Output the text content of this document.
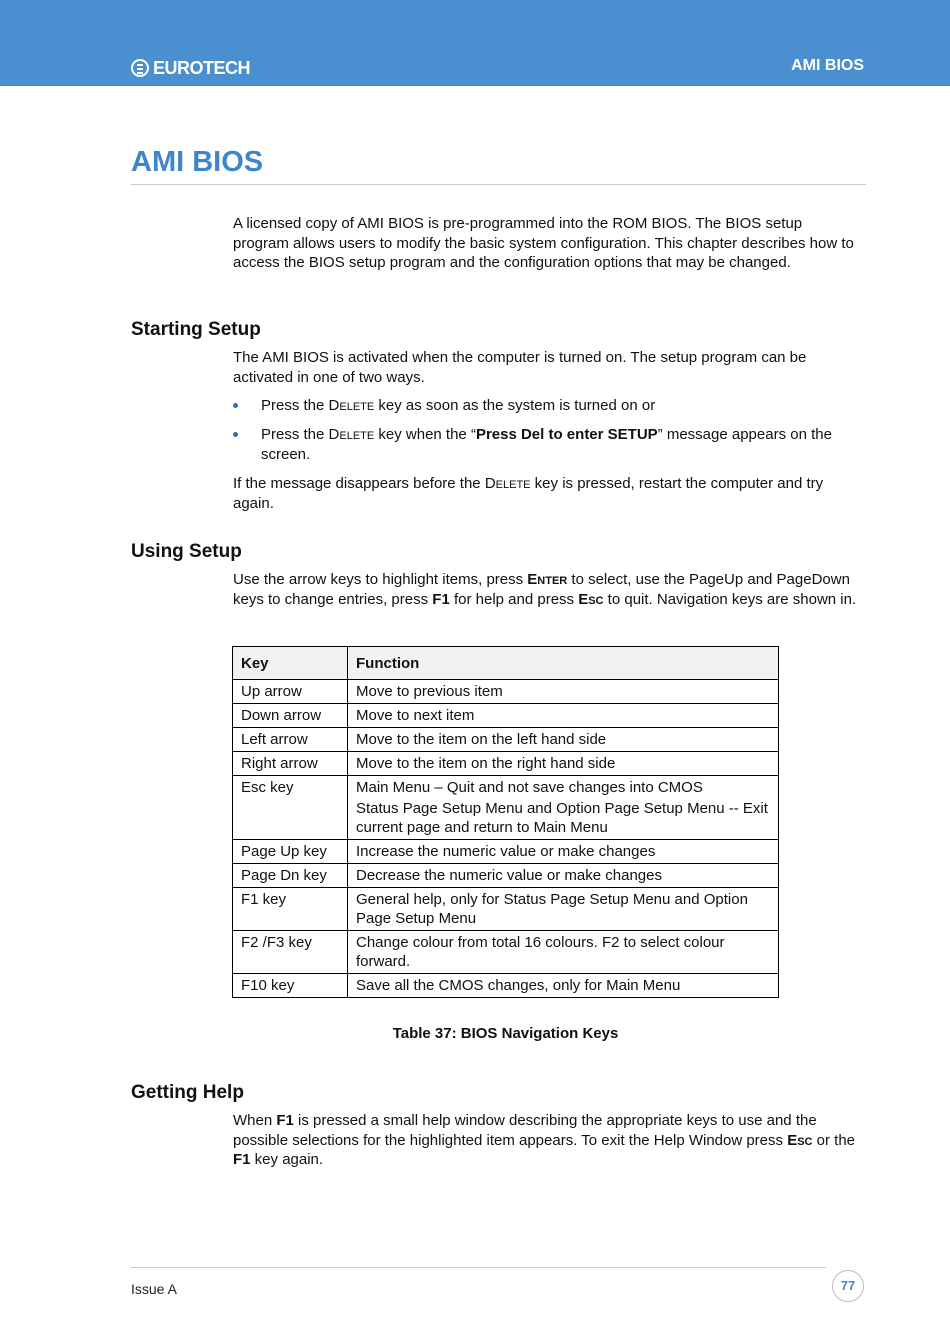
EUROTECH	AMI BIOS
AMI BIOS

A licensed copy of AMI BIOS is pre-programmed into the ROM BIOS. The BIOS setup program allows users to modify the basic system configuration. This chapter describes how to access the BIOS setup program and the configuration options that may be changed.

Starting Setup

The AMI BIOS is activated when the computer is turned on. The setup program can be activated in one of two ways.

Press the Delete key as soon as the system is turned on or
Press the Delete key when the “Press Del to enter SETUP” message appears on the screen.

If the message disappears before the Delete key is pressed, restart the computer and try again.

Using Setup

Use the arrow keys to highlight items, press Enter to select, use the PageUp and PageDown keys to change entries, press F1 for help and press Esc to quit. Navigation keys are shown in.

Key	Function
Up arrow	Move to previous item
Down arrow	Move to next item
Left arrow	Move to the item on the left hand side
Right arrow	Move to the item on the right hand side
Esc key	Main Menu – Quit and not save changes into CMOS
Status Page Setup Menu and Option Page Setup Menu -- Exit current page and return to Main Menu

Page Up key	Increase the numeric value or make changes
Page Dn key	Decrease the numeric value or make changes
F1 key	General help, only for Status Page Setup Menu and Option Page Setup Menu
F2 /F3 key	Change colour from total 16 colours. F2 to select colour forward.
F10 key	Save all the CMOS changes, only for Main Menu
Table 37: BIOS Navigation Keys
Getting Help

When F1 is pressed a small help window describing the appropriate keys to use and the possible selections for the highlighted item appears. To exit the Help Window press Esc or the F1 key again.

Issue A	77
